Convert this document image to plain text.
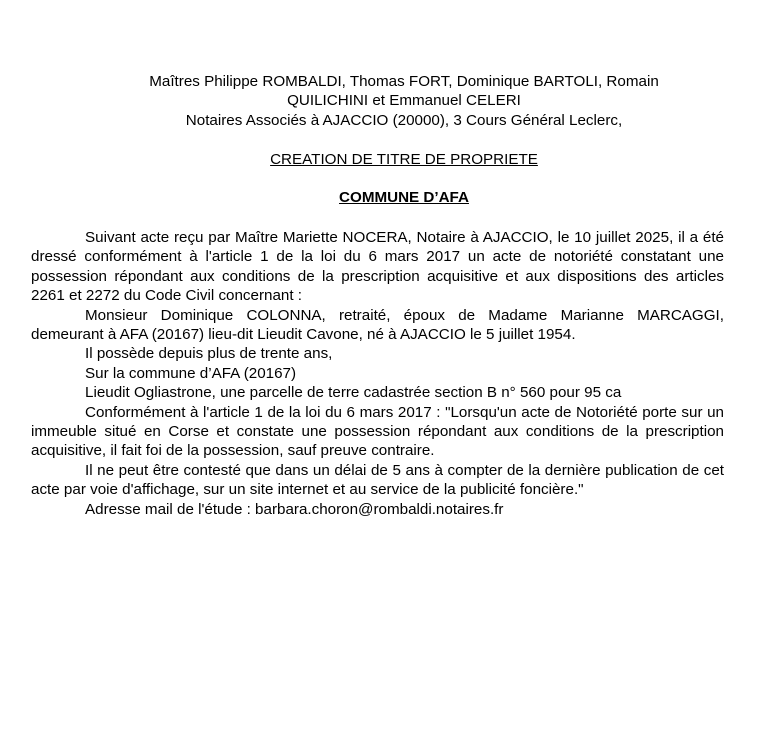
Maîtres Philippe ROMBALDI, Thomas FORT, Dominique BARTOLI, Romain
QUILICHINI et Emmanuel CELERI
Notaires Associés à AJACCIO (20000), 3 Cours Général Leclerc,
CREATION DE TITRE DE PROPRIETE
COMMUNE D’AFA

Suivant acte reçu par Maître Mariette NOCERA, Notaire à AJACCIO, le 10 juillet 2025, il a été dressé conformément à l'article 1 de la loi du 6 mars 2017 un acte de notoriété constatant une possession répondant aux conditions de la prescription acquisitive et aux dispositions des articles 2261 et 2272 du Code Civil concernant :

Monsieur Dominique COLONNA, retraité, époux de Madame Marianne MARCAGGI, demeurant à AFA (20167) lieu-dit Lieudit Cavone, né à AJACCIO le 5 juillet 1954.

Il possède depuis plus de trente ans,

Sur la commune d’AFA (20167)

Lieudit Ogliastrone, une parcelle de terre cadastrée section B n° 560 pour 95 ca

Conformément à l'article 1 de la loi du 6 mars 2017 : "Lorsqu'un acte de Notoriété porte sur un immeuble situé en Corse et constate une possession répondant aux conditions de la prescription acquisitive, il fait foi de la possession, sauf preuve contraire.

Il ne peut être contesté que dans un délai de 5 ans à compter de la dernière publication de cet acte par voie d'affichage, sur un site internet et au service de la publicité foncière."

Adresse mail de l'étude : barbara.choron@rombaldi.notaires.fr
